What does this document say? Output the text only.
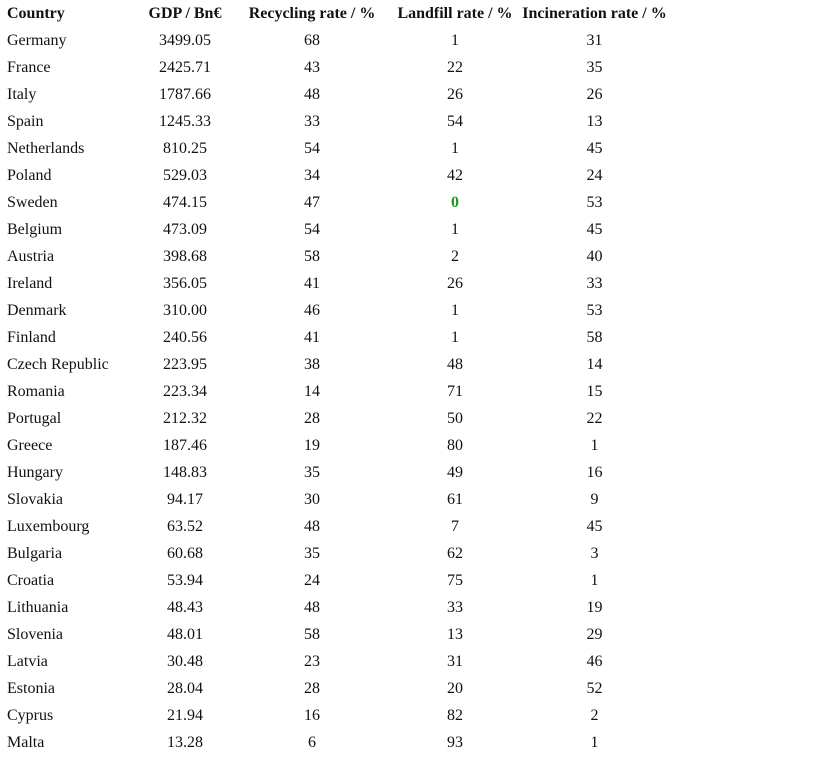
Country	GDP / Bn€	Recycling rate / %	Landfill rate / %	Incineration rate / %	
Germany	3499.05	68	1	31	
France	2425.71	43	22	35	
Italy	1787.66	48	26	26	
Spain	1245.33	33	54	13	
Netherlands	810.25	54	1	45	
Poland	529.03	34	42	24	
Sweden	474.15	47	0	53	
Belgium	473.09	54	1	45	
Austria	398.68	58	2	40	
Ireland	356.05	41	26	33	
Denmark	310.00	46	1	53	
Finland	240.56	41	1	58	
Czech Republic	223.95	38	48	14	
Romania	223.34	14	71	15	
Portugal	212.32	28	50	22	
Greece	187.46	19	80	1	
Hungary	148.83	35	49	16	
Slovakia	94.17	30	61	9	
Luxembourg	63.52	48	7	45	
Bulgaria	60.68	35	62	3	
Croatia	53.94	24	75	1	
Lithuania	48.43	48	33	19	
Slovenia	48.01	58	13	29	
Latvia	30.48	23	31	46	
Estonia	28.04	28	20	52	
Cyprus	21.94	16	82	2	
Malta	13.28	6	93	1	
